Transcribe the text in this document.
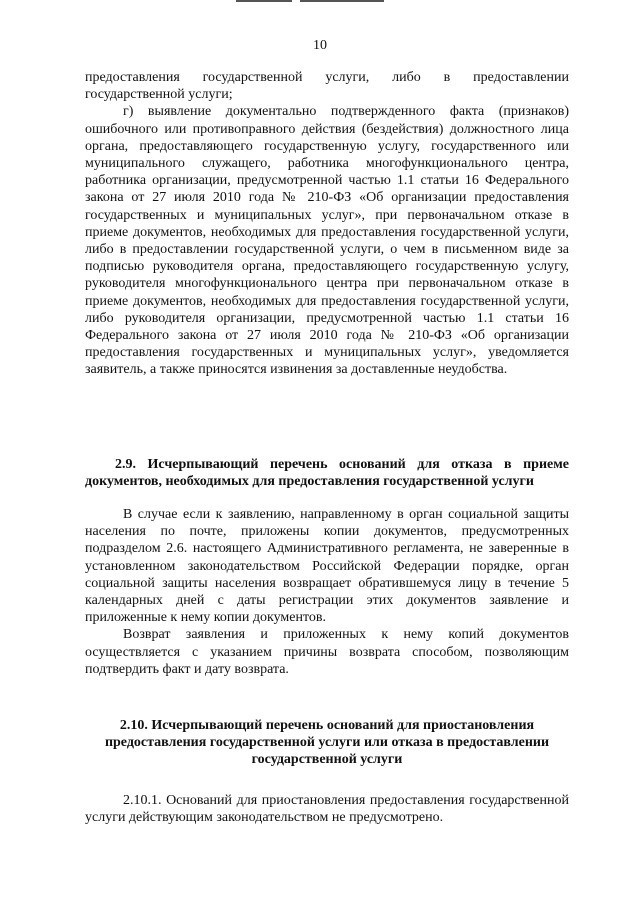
10

предоставления государственной услуги, либо в предоставлении государственной услуги;

г) выявление документально подтвержденного факта (признаков) ошибочного или противоправного действия (бездействия) должностного лица органа, предоставляющего государственную услугу, государственного или муниципального служащего, работника многофункционального центра, работника организации, предусмотренной частью 1.1 статьи 16 Федерального закона от 27 июля 2010 года № 210-ФЗ «Об организации предоставления государственных и муниципальных услуг», при первоначальном отказе в приеме документов, необходимых для предоставления государственной услуги, либо в предоставлении государственной услуги, о чем в письменном виде за подписью руководителя органа, предоставляющего государственную услугу, руководителя многофункционального центра при первоначальном отказе в приеме документов, необходимых для предоставления государственной услуги, либо руководителя организации, предусмотренной частью 1.1 статьи 16 Федерального закона от 27 июля 2010 года № 210-ФЗ «Об организации предоставления государственных и муниципальных услуг», уведомляется заявитель, а также приносятся извинения за доставленные неудобства.

2.9. Исчерпывающий перечень оснований для отказа в приеме документов, необходимых для предоставления государственной услуги

В случае если к заявлению, направленному в орган социальной защиты населения по почте, приложены копии документов, предусмотренных подразделом 2.6. настоящего Административного регламента, не заверенные в установленном законодательством Российской Федерации порядке, орган социальной защиты населения возвращает обратившемуся лицу в течение 5 календарных дней с даты регистрации этих документов заявление и приложенные к нему копии документов.

Возврат заявления и приложенных к нему копий документов осуществляется с указанием причины возврата способом, позволяющим подтвердить факт и дату возврата.

2.10. Исчерпывающий перечень оснований для приостановления предоставления государственной услуги или отказа в предоставлении государственной услуги

2.10.1. Оснований для приостановления предоставления государственной услуги действующим законодательством не предусмотрено.
